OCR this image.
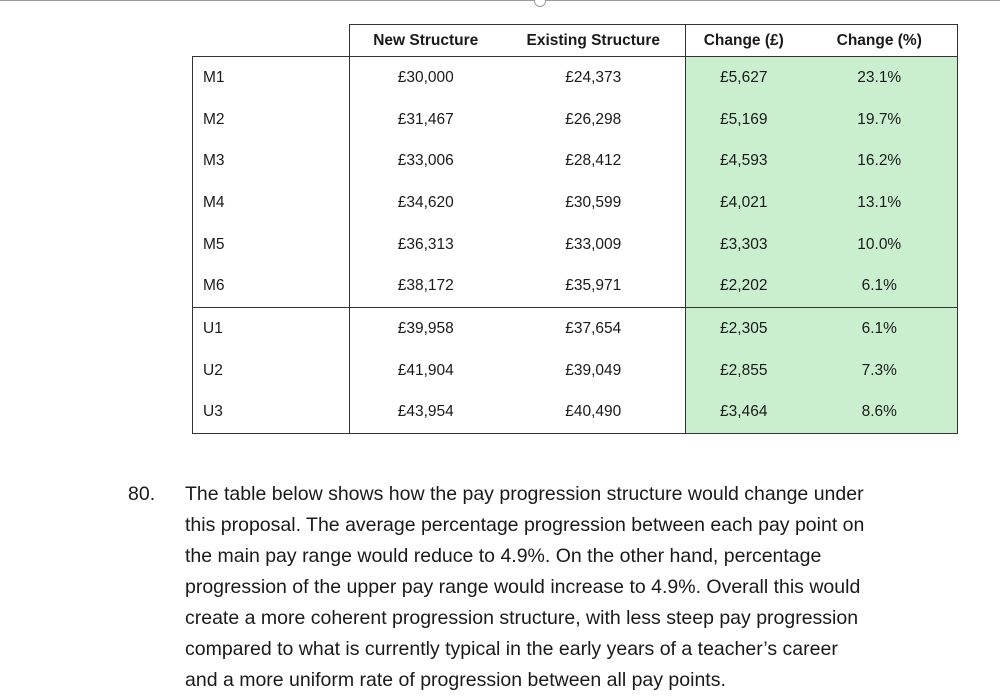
	New Structure	Existing Structure	Change (£)	Change (%)
M1	£30,000	£24,373	£5,627	23.1%
M2	£31,467	£26,298	£5,169	19.7%
M3	£33,006	£28,412	£4,593	16.2%
M4	£34,620	£30,599	£4,021	13.1%
M5	£36,313	£33,009	£3,303	10.0%
M6	£38,172	£35,971	£2,202	6.1%
U1	£39,958	£37,654	£2,305	6.1%
U2	£41,904	£39,049	£2,855	7.3%
U3	£43,954	£40,490	£3,464	8.6%
80. The table below shows how the pay progression structure would change under
this proposal. The average percentage progression between each pay point on
the main pay range would reduce to 4.9%. On the other hand, percentage
progression of the upper pay range would increase to 4.9%. Overall this would
create a more coherent progression structure, with less steep pay progression
compared to what is currently typical in the early years of a teacher’s career
and a more uniform rate of progression between all pay points.
